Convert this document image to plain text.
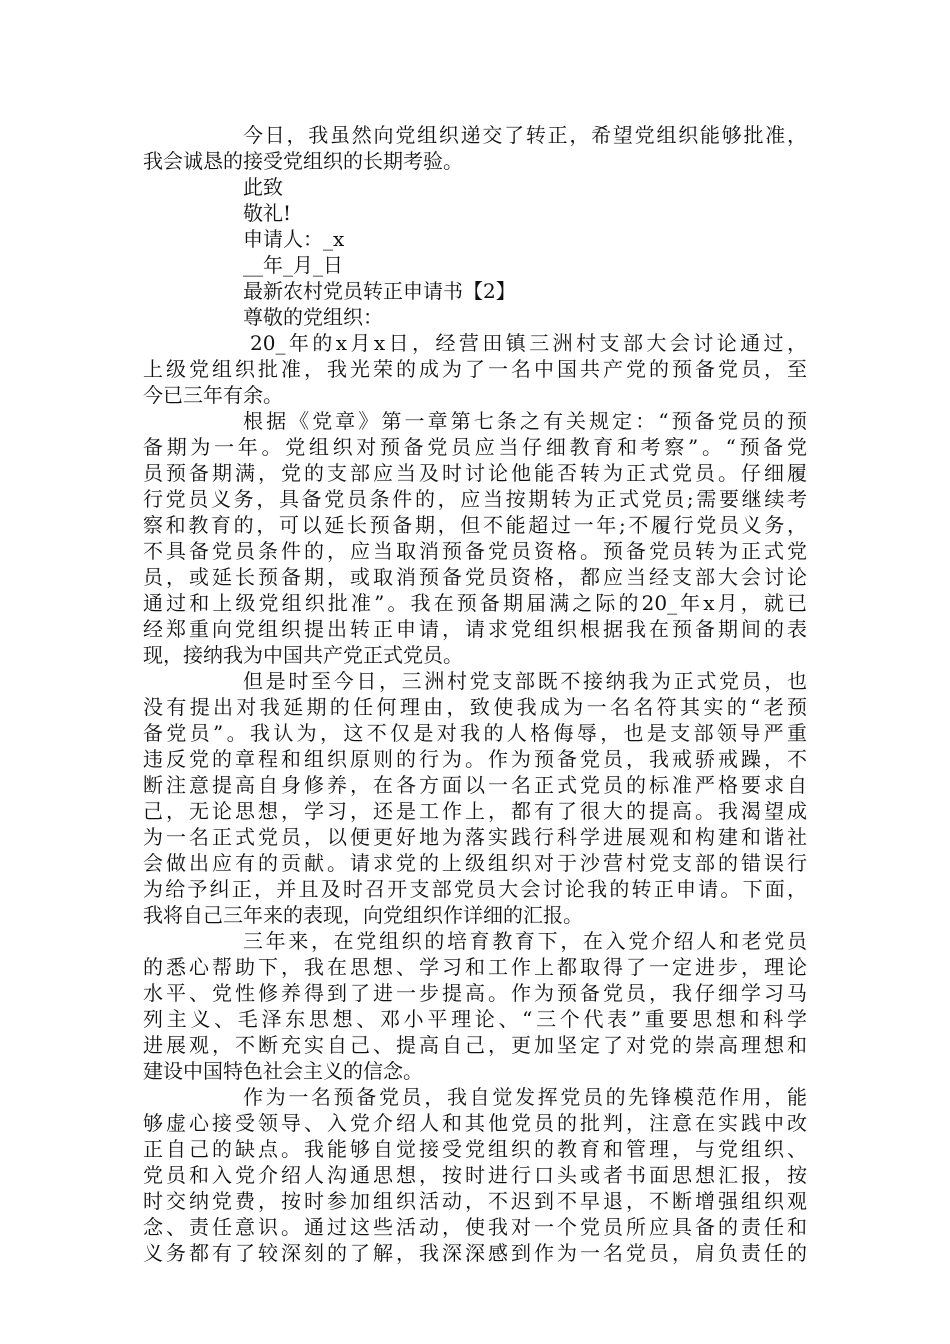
今日，我虽然向党组织递交了转正，希望党组织能够批准，
我会诚恳的接受党组织的长期考验。
此致
敬礼!
申请人：_x
__年_月_日
最新农村党员转正申请书【2】
尊敬的党组织：
20_年的x月x日，经营田镇三洲村支部大会讨论通过，
上级党组织批准，我光荣的成为了一名中国共产党的预备党员，至
今已三年有余。
根据《党章》第一章第七条之有关规定：“预备党员的预
备期为一年。党组织对预备党员应当仔细教育和考察”。“预备党
员预备期满，党的支部应当及时讨论他能否转为正式党员。仔细履
行党员义务，具备党员条件的，应当按期转为正式党员;需要继续考
察和教育的，可以延长预备期，但不能超过一年;不履行党员义务，
不具备党员条件的，应当取消预备党员资格。预备党员转为正式党
员，或延长预备期，或取消预备党员资格，都应当经支部大会讨论
通过和上级党组织批准”。我在预备期届满之际的20_年x月，就已
经郑重向党组织提出转正申请，请求党组织根据我在预备期间的表
现，接纳我为中国共产党正式党员。
但是时至今日，三洲村党支部既不接纳我为正式党员，也
没有提出对我延期的任何理由，致使我成为一名名符其实的“老预
备党员”。我认为，这不仅是对我的人格侮辱，也是支部领导严重
违反党的章程和组织原则的行为。作为预备党员，我戒骄戒躁，不
断注意提高自身修养，在各方面以一名正式党员的标准严格要求自
己，无论思想，学习，还是工作上，都有了很大的提高。我渴望成
为一名正式党员，以便更好地为落实践行科学进展观和构建和谐社
会做出应有的贡献。请求党的上级组织对于沙营村党支部的错误行
为给予纠正，并且及时召开支部党员大会讨论我的转正申请。下面，
我将自己三年来的表现，向党组织作详细的汇报。
三年来，在党组织的培育教育下，在入党介绍人和老党员
的悉心帮助下，我在思想、学习和工作上都取得了一定进步，理论
水平、党性修养得到了进一步提高。作为预备党员，我仔细学习马
列主义、毛泽东思想、邓小平理论、“三个代表”重要思想和科学
进展观，不断充实自己、提高自己，更加坚定了对党的崇高理想和
建设中国特色社会主义的信念。
作为一名预备党员，我自觉发挥党员的先锋模范作用，能
够虚心接受领导、入党介绍人和其他党员的批判，注意在实践中改
正自己的缺点。我能够自觉接受党组织的教育和管理，与党组织、
党员和入党介绍人沟通思想，按时进行口头或者书面思想汇报，按
时交纳党费，按时参加组织活动，不迟到不早退，不断增强组织观
念、责任意识。通过这些活动，使我对一个党员所应具备的责任和
义务都有了较深刻的了解，我深深感到作为一名党员，肩负责任的
